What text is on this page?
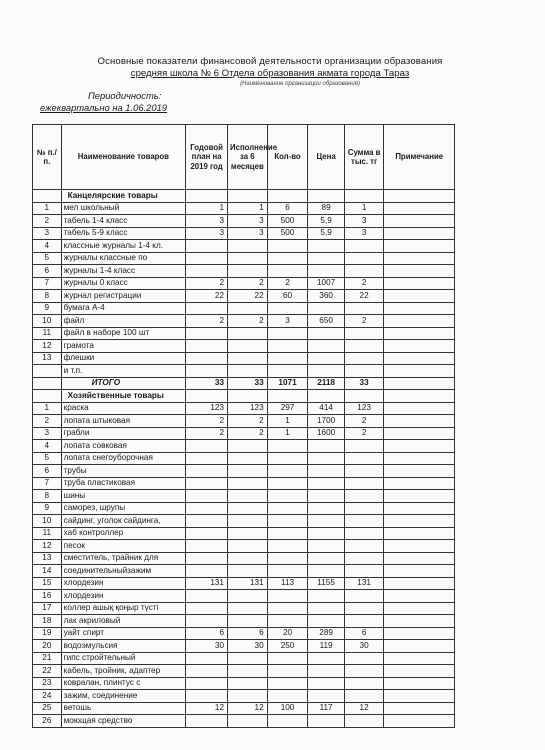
Основные показатели финансовой деятельности организации образования
средняя школа № 6 Отдела образования акмата города Тараз
(Наименование организации образования)
Периодичность:
ежеквартально на 1.06.2019
№ п./п.	Наименование товаров	Годовой план на 2019 год	Исполнение за 6 месяцев	Кол-во	Цена	Сумма в тыс. тг	Примечание
	Канцелярские товары						
1	мел школьный	1	1	6	89	1	
2	табель 1-4 класс	3	3	500	5,9	3	
3	табель 5-9 класс	3	3	500	5,9	3	
4	классные журналы 1-4 кл.						
5	журналы классные по						
6	журналы 1-4 класс						
7	журналы 0 класс	2	2	2	1007	2	
8	журнал регистрации	22	22	60	360	22	
9	бумага А-4						
10	файл	2	2	3	650	2	
11	файл в наборе 100 шт						
12	грамота						
13	флешки						
	и т.п.						
	ИТОГО	33	33	1071	2118	33	
	Хозяйственные товары						
1	краска	123	123	297	414	123	
2	лопата штыковая	2	2	1	1700	2	
3	грабли	2	2	1	1600	2	
4	лопата совковая						
5	лопата снегоуборочная						
6	трубы						
7	труба пластиковая						
8	шины						
9	саморез, шрупы						
10	сайдинг, уголок сайдинга,						
11	хаб контроллер						
12	песок						
13	сместитель, трайник для						
14	соединительныйзажим						
15	хлордезин	131	131	113	1155	131	
16	хлордезин						
17	коллер ашық қоңыр түсті						
18	лак акриловый						
19	уайт спирт	6	6	20	289	6	
20	водоэмульсия	30	30	250	119	30	
21	гипс стройтельный						
22	кабель, тройник, адаптер						
23	ковралан, плинтус с						
24	зажим, соединение						
25	ветошь	12	12	100	117	12	
26	моющая средство						
